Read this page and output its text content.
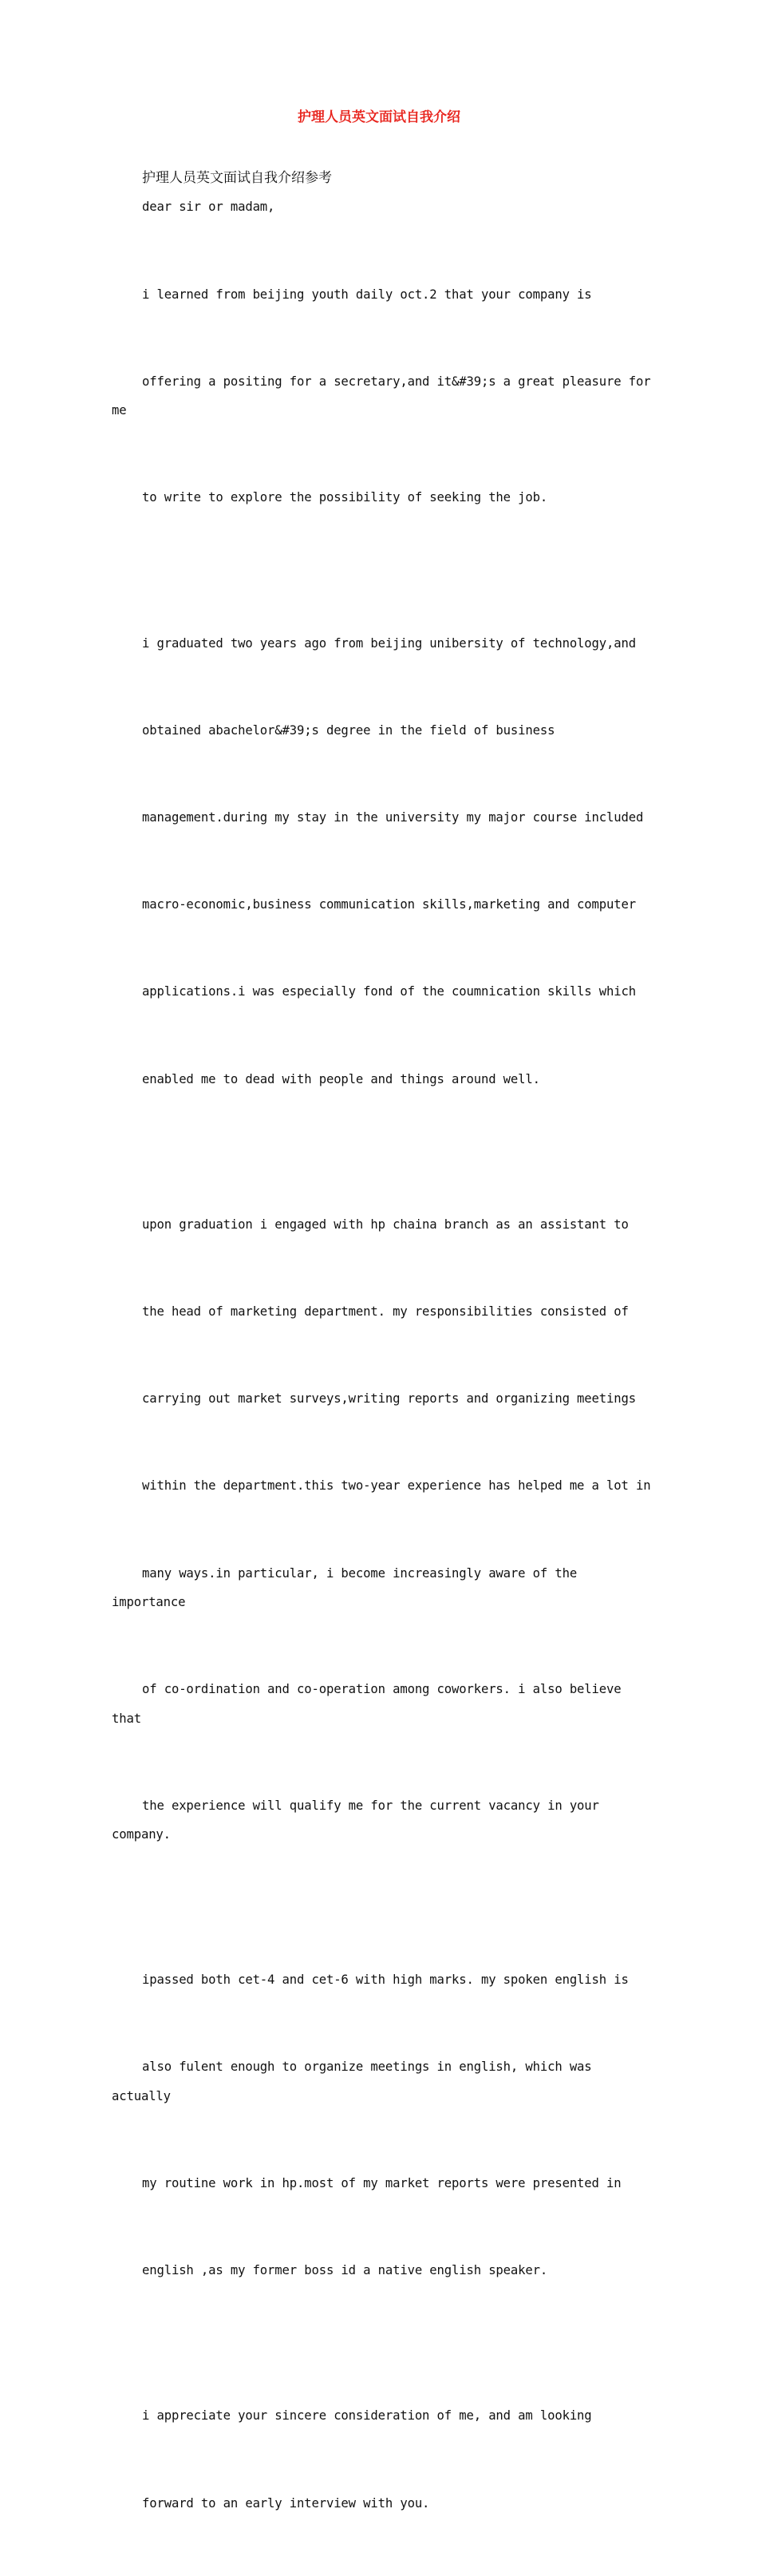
护理人员英文面试自我介绍

护理人员英文面试自我介绍参考

dear sir or madam,

i learned from beijing youth daily oct.2 that your company is

offering a positing for a secretary,and it&#39;s a great pleasure for me

to write to explore the possibility of seeking the job.

i graduated two years ago from beijing unibersity of technology,and

obtained abachelor&#39;s degree in the field of business

management.during my stay in the university my major course included

macro-economic,business communication skills,marketing and computer

applications.i was especially fond of the coumnication skills which

enabled me to dead with people and things around well.

upon graduation i engaged with hp chaina branch as an assistant to

the head of marketing department. my responsibilities consisted of

carrying out market surveys,writing reports and organizing meetings

within the department.this two-year experience has helped me a lot in

many ways.in particular, i become increasingly aware of the importance

of co-ordination and co-operation among coworkers. i also believe that

the experience will qualify me for the current vacancy in your company.

ipassed both cet-4 and cet-6 with high marks. my spoken english is

also fulent enough to organize meetings in english, which was actually

my routine work in hp.most of my market reports were presented in

english ,as my former boss id a native english speaker.

i appreciate your sincere consideration of me, and am looking

forward to an early interview with you.
